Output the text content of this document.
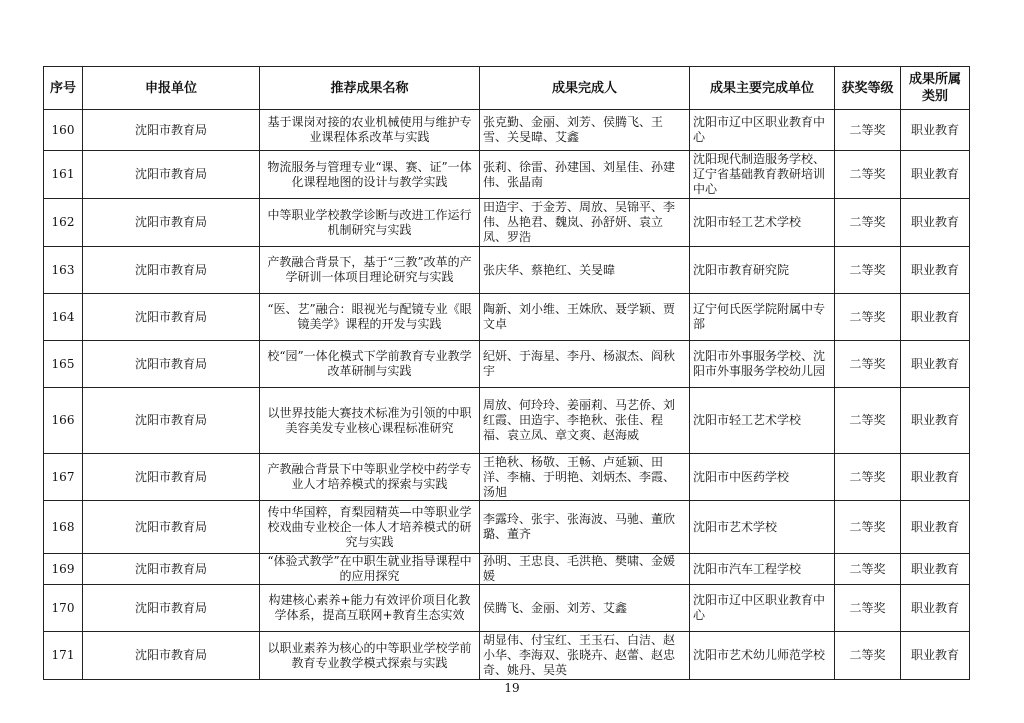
序号	申报单位	推荐成果名称	成果完成人	成果主要完成单位	获奖等级	成果所属类别

160	沈阳市教育局	基于课岗对接的农业机械使用与维护专业课程体系改革与实践	张克勤、金丽、刘芳、侯腾飞、王雪、关旻暐、艾鑫	沈阳市辽中区职业教育中心	二等奖	职业教育
161	沈阳市教育局	物流服务与管理专业“课、赛、证”一体化课程地图的设计与教学实践	张莉、徐雷、孙建国、刘星佳、孙建伟、张晶南	沈阳现代制造服务学校、辽宁省基础教育教研培训中心	二等奖	职业教育
162	沈阳市教育局	中等职业学校教学诊断与改进工作运行机制研究与实践	田造宇、于金芳、周放、吴锦平、李伟、丛艳君、魏岚、孙舒妍、袁立凤、罗浩	沈阳市轻工艺术学校	二等奖	职业教育
163	沈阳市教育局	产教融合背景下，基于“三教”改革的产学研训一体项目理论研究与实践	张庆华、蔡艳红、关旻暐	沈阳市教育研究院	二等奖	职业教育
164	沈阳市教育局	“医、艺”融合：眼视光与配镜专业《眼镜美学》课程的开发与实践	陶新、刘小维、王姝欣、聂学颖、贾文卓	辽宁何氏医学院附属中专部	二等奖	职业教育
165	沈阳市教育局	校“园”一体化模式下学前教育专业教学改革研制与实践	纪妍、于海星、李丹、杨淑杰、阎秋宇	沈阳市外事服务学校、沈阳市外事服务学校幼儿园	二等奖	职业教育
166	沈阳市教育局	以世界技能大赛技术标准为引领的中职美容美发专业核心课程标准研究	周放、何玲玲、姜丽莉、马艺侨、刘红霞、田造宇、李艳秋、张佳、程福、袁立凤、章文爽、赵海威	沈阳市轻工艺术学校	二等奖	职业教育
167	沈阳市教育局	产教融合背景下中等职业学校中药学专业人才培养模式的探索与实践	王艳秋、杨敬、王畅、卢延颖、田洋、李楠、于明艳、刘炳杰、李霞、汤旭	沈阳市中医药学校	二等奖	职业教育
168	沈阳市教育局	传中华国粹，育梨园精英—中等职业学校戏曲专业校企一体人才培养模式的研究与实践	李露玲、张宇、张海波、马驰、董欣璐、董齐	沈阳市艺术学校	二等奖	职业教育
169	沈阳市教育局	“体验式教学”在中职生就业指导课程中的应用探究	孙明、王忠良、毛洪艳、樊啸、金媛媛	沈阳市汽车工程学校	二等奖	职业教育
170	沈阳市教育局	构建核心素养+能力有效评价项目化教学体系，提高互联网+教育生态实效	侯腾飞、金丽、刘芳、艾鑫	沈阳市辽中区职业教育中心	二等奖	职业教育
171	沈阳市教育局	以职业素养为核心的中等职业学校学前教育专业教学模式探索与实践	胡显伟、付宝红、王玉石、白洁、赵小华、李海双、张晓卉、赵蕾、赵忠奇、姚丹、吴英	沈阳市艺术幼儿师范学校	二等奖	职业教育
19
